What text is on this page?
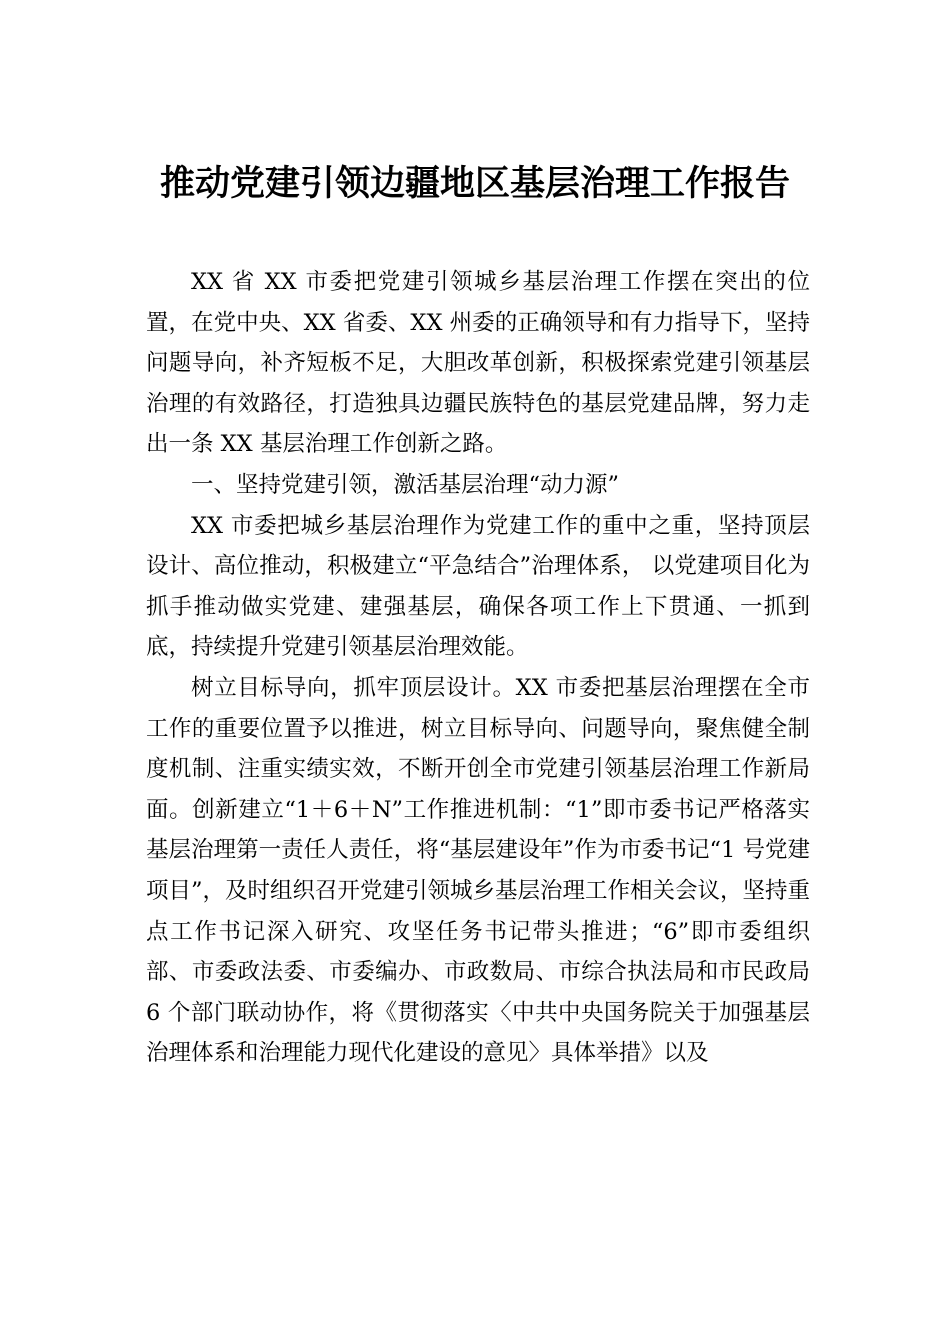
推动党建引领边疆地区基层治理工作报告

XX 省 XX 市委把党建引领城乡基层治理工作摆在突出的位置，在党中央、XX 省委、XX 州委的正确领导和有力指导下，坚持问题导向，补齐短板不足，大胆改革创新，积极探索党建引领基层治理的有效路径，打造独具边疆民族特色的基层党建品牌，努力走出一条 XX 基层治理工作创新之路。

一、坚持党建引领，激活基层治理“动力源”

XX 市委把城乡基层治理作为党建工作的重中之重，坚持顶层设计、高位推动，积极建立“平急结合”治理体系， 以党建项目化为抓手推动做实党建、建强基层，确保各项工作上下贯通、一抓到底，持续提升党建引领基层治理效能。

树立目标导向，抓牢顶层设计。XX 市委把基层治理摆在全市工作的重要位置予以推进，树立目标导向、问题导向，聚焦健全制度机制、注重实绩实效，不断开创全市党建引领基层治理工作新局面。创新建立“1＋6＋N”工作推进机制：“1”即市委书记严格落实基层治理第一责任人责任，将“基层建设年”作为市委书记“1 号党建项目”，及时组织召开党建引领城乡基层治理工作相关会议，坚持重点工作书记深入研究、攻坚任务书记带头推进；“6”即市委组织部、市委政法委、市委编办、市政数局、市综合执法局和市民政局 6 个部门联动协作，将《贯彻落实〈中共中央国务院关于加强基层治理体系和治理能力现代化建设的意见〉具体举措》以及
